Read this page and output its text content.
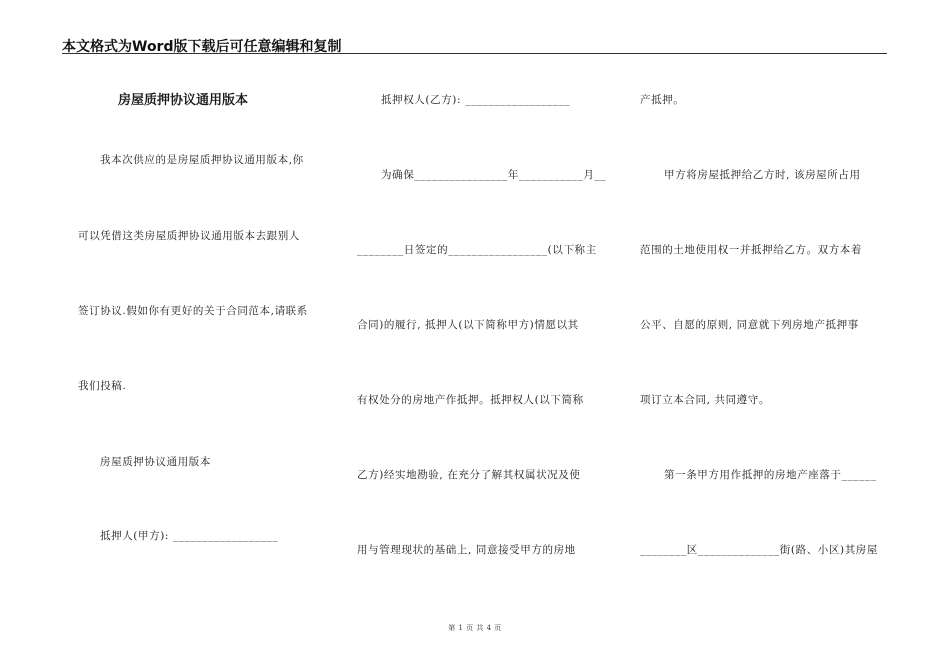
本文格式为Word版下载后可任意编辑和复制
房屋质押协议通用版本
我本次供应的是房屋质押协议通用版本,你
可以凭借这类房屋质押协议通用版本去跟别人
签订协议.假如你有更好的关于合同范本,请联系
我们投稿.
房屋质押协议通用版本
抵押人(甲方): __________________
抵押权人(乙方): __________________
为确保________________年___________月__
________日签定的_________________(以下称主
合同)的履行, 抵押人(以下简称甲方)情愿以其
有权处分的房地产作抵押。抵押权人(以下简称
乙方)经实地勘验, 在充分了解其权属状况及使
用与管理现状的基础上, 同意接受甲方的房地
产抵押。
甲方将房屋抵押给乙方时, 该房屋所占用
范围的土地使用权一并抵押给乙方。双方本着
公平、自愿的原则, 同意就下列房地产抵押事
项订立本合同, 共同遵守。
第一条甲方用作抵押的房地产座落于______
________区______________街(路、小区)其房屋
第 1 页 共 4 页
